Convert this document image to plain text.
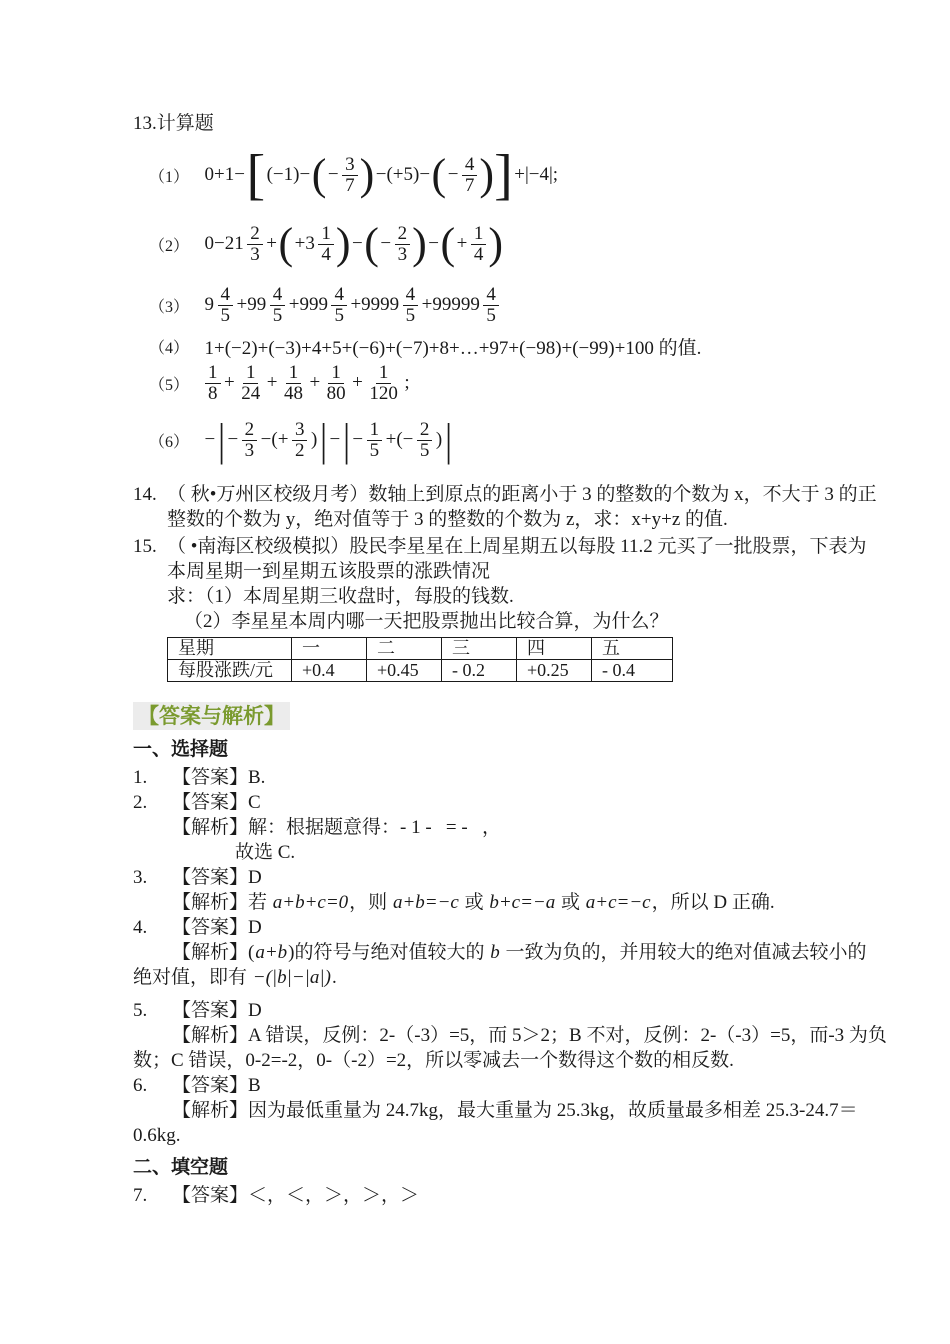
13.计算题
（1） 0+1− [ (−1)− ( − $\frac{3}{7}$ ) −(+5)− ( − $\frac{4}{7}$ ) ] +|−4|;
（2） $0-21 \frac{2}{3}$ + ( $+3 \frac{1}{4}$ ) − ( − $\frac{2}{3}$ ) − ( + $\frac{1}{4}$ )
（3） $9 \frac{4}{5} +99 \frac{4}{5} +999 \frac{4}{5} +9999 \frac{4}{5} +99999 \frac{4}{5}$
（4） 1+(−2)+(−3)+4+5+(−6)+(−7)+8+…+97+(−98)+(−99)+100 的值.
$(5) \frac{1}{8} + \frac{1}{24} + \frac{1}{48} + \frac{1}{80} + \frac{1}{120}$ ;
（6） − | − $\frac{2}{3}$ −(+ $\frac{3}{2}$ ) | − | − $\frac{1}{5}$ +(− $\frac{2}{5}$ ) |
14. （ 秋•万州区校级月考）数轴上到原点的距离小于 3 的整数的个数为 x，不大于 3 的正
整数的个数为 y，绝对值等于 3 的整数的个数为 z，求：x+y+z 的值.
15. （ •南海区校级模拟）股民李星星在上周星期五以每股 11.2 元买了一批股票，下表为
本周星期一到星期五该股票的涨跌情况
求：（1）本周星期三收盘时，每股的钱数.
（2）李星星本周内哪一天把股票抛出比较合算，为什么？
星期	一	二	三	四	五
每股涨跌/元	+0.4	+0.45	- 0.2	+0.25	- 0.4
【答案与解析】
一、选择题
1. 【答案】B.
2. 【答案】C
【解析】解：根据题意得：- 1 -   = -   ，
故选 C.
3. 【答案】D
【解析】若 a+b+c=0，则 a+b=−c 或 b+c=−a 或 a+c=−c，所以 D 正确.
4. 【答案】D
【解析】(a+b)的符号与绝对值较大的 b 一致为负的，并用较大的绝对值减去较小的
绝对值，即有 −(|b|−|a|).
5. 【答案】D
【解析】A 错误，反例：2-（-3）=5，而 5＞2；B 不对，反例：2-（-3）=5，而-3 为负
数；C 错误，0-2=-2，0-（-2）=2，所以零减去一个数得这个数的相反数.
6. 【答案】B
【解析】因为最低重量为 24.7kg，最大重量为 25.3kg，故质量最多相差 25.3-24.7＝
0.6kg.
二、填空题
7. 【答案】＜，＜，＞，＞，＞
